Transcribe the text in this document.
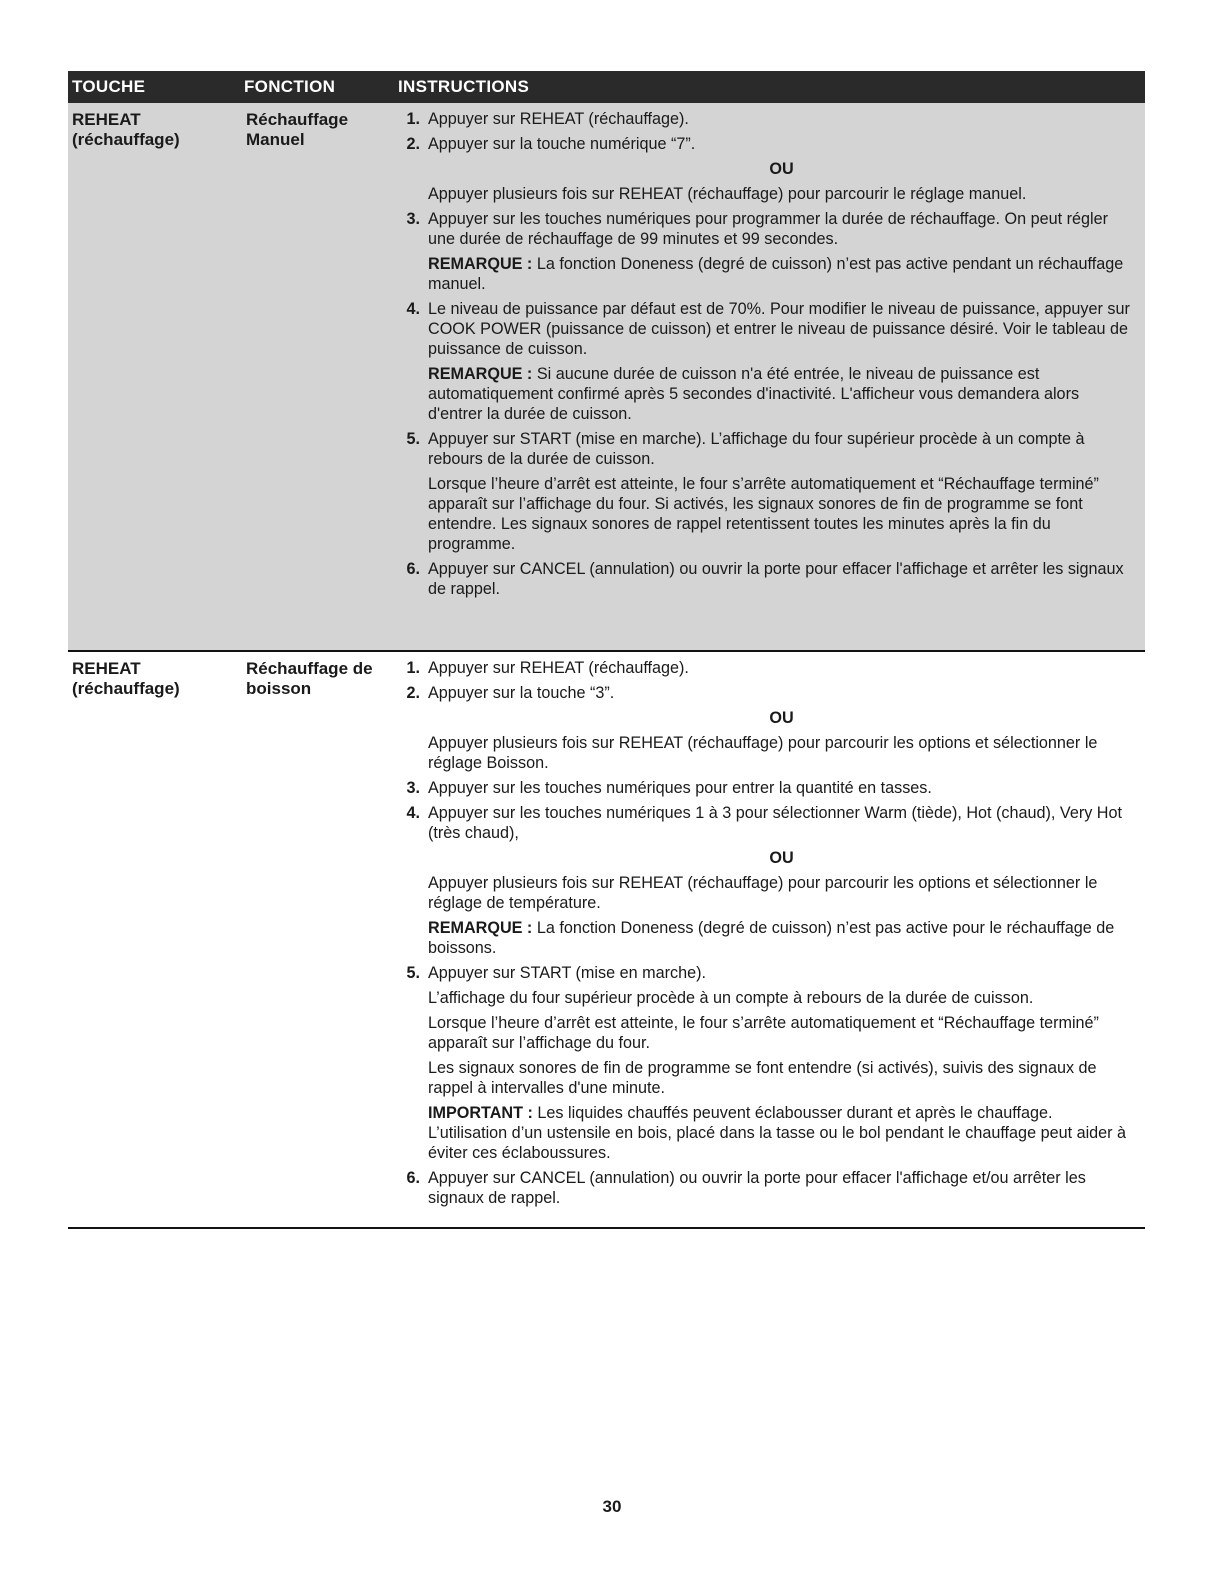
TOUCHE	FONCTION	INSTRUCTIONS
REHEAT (réchauffage)
Réchauffage
Manuel
1. Appuyer sur REHEAT (réchauffage).
2. Appuyer sur la touche numérique “7”.
OU
Appuyer plusieurs fois sur REHEAT (réchauffage) pour parcourir le réglage manuel.
3. Appuyer sur les touches numériques pour programmer la durée de réchauffage. On peut régler une durée de réchauffage de 99 minutes et 99 secondes.
REMARQUE : La fonction Doneness (degré de cuisson) n’est pas active pendant un réchauffage manuel.
4. Le niveau de puissance par défaut est de 70%. Pour modifier le niveau de puissance, appuyer sur COOK POWER (puissance de cuisson) et entrer le niveau de puissance désiré. Voir le tableau de puissance de cuisson.
REMARQUE : Si aucune durée de cuisson n'a été entrée, le niveau de puissance est automatiquement confirmé après 5 secondes d'inactivité. L'afficheur vous demandera alors d'entrer la durée de cuisson.
5. Appuyer sur START (mise en marche). L’affichage du four supérieur procède à un compte à rebours de la durée de cuisson.
Lorsque l’heure d’arrêt est atteinte, le four s’arrête automatiquement et “Réchauffage terminé” apparaît sur l’affichage du four. Si activés, les signaux sonores de fin de programme se font entendre. Les signaux sonores de rappel retentissent toutes les minutes après la fin du programme.
6. Appuyer sur CANCEL (annulation) ou ouvrir la porte pour effacer l'affichage et arrêter les signaux de rappel.
REHEAT (réchauffage)
Réchauffage de
boisson
1. Appuyer sur REHEAT (réchauffage).
2. Appuyer sur la touche “3”.
OU
Appuyer plusieurs fois sur REHEAT (réchauffage) pour parcourir les options et sélectionner le réglage Boisson.
3. Appuyer sur les touches numériques pour entrer la quantité en tasses.
4. Appuyer sur les touches numériques 1 à 3 pour sélectionner Warm (tiède), Hot (chaud), Very Hot (très chaud),
OU
Appuyer plusieurs fois sur REHEAT (réchauffage) pour parcourir les options et sélectionner le réglage de température.
REMARQUE : La fonction Doneness (degré de cuisson) n’est pas active pour le réchauffage de boissons.
5. Appuyer sur START (mise en marche).
L’affichage du four supérieur procède à un compte à rebours de la durée de cuisson.
Lorsque l’heure d’arrêt est atteinte, le four s’arrête automatiquement et “Réchauffage terminé” apparaît sur l’affichage du four.
Les signaux sonores de fin de programme se font entendre (si activés), suivis des signaux de rappel à intervalles d'une minute.
IMPORTANT : Les liquides chauffés peuvent éclabousser durant et après le chauffage. L’utilisation d’un ustensile en bois, placé dans la tasse ou le bol pendant le chauffage peut aider à éviter ces éclaboussures.
6. Appuyer sur CANCEL (annulation) ou ouvrir la porte pour effacer l'affichage et/ou arrêter les signaux de rappel.
30
